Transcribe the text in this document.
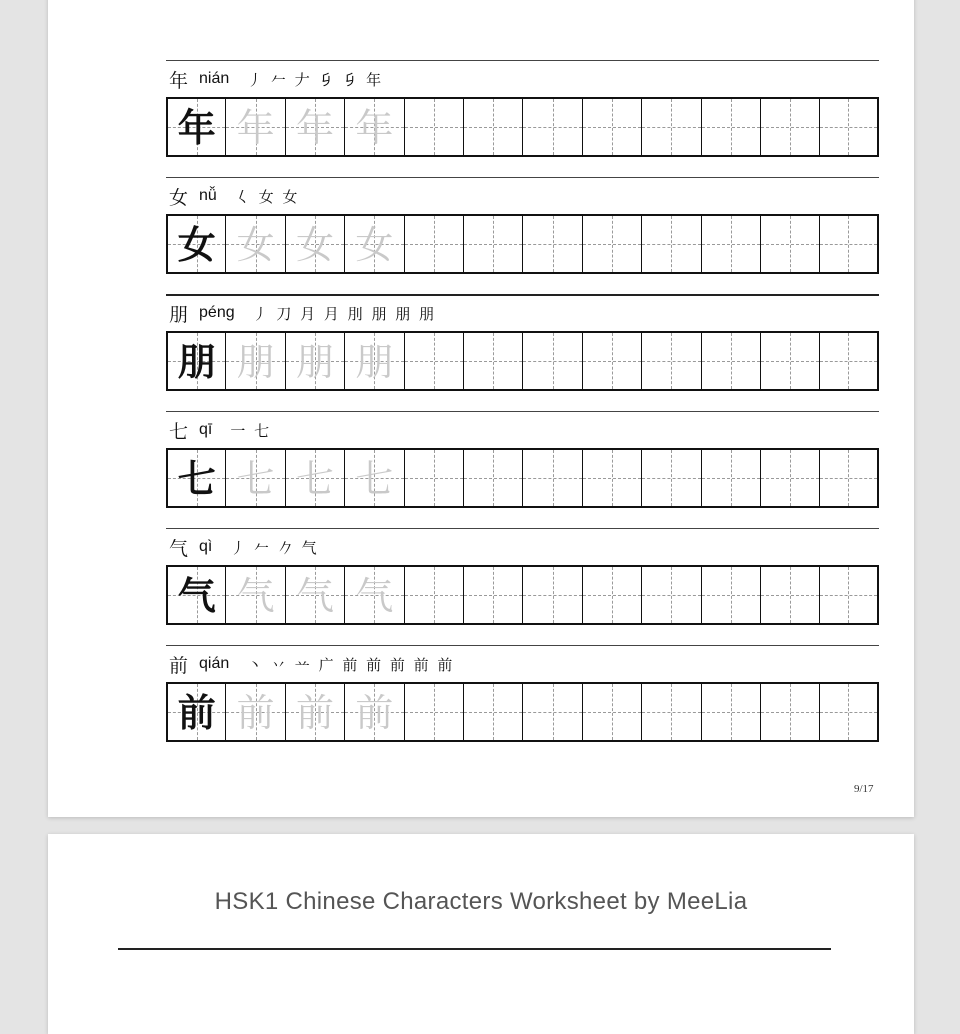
年 nián 丿 𠂉 𠂇 𠂎 𠂎 年
年 年 年 年
女 nǚ 𡿨 女 女
女 女 女 女
朋 péng 丿 刀 月 月 刖 朋 朋 朋
朋 朋 朋 朋
七 qī 一 七
七 七 七 七
气 qì 丿 𠂉 𠂊 气
气 气 气 气
前 qián 丶 丷 䒑 广 前 前 前 前 前
前 前 前 前
9/17
HSK1 Chinese Characters Worksheet by MeeLia
